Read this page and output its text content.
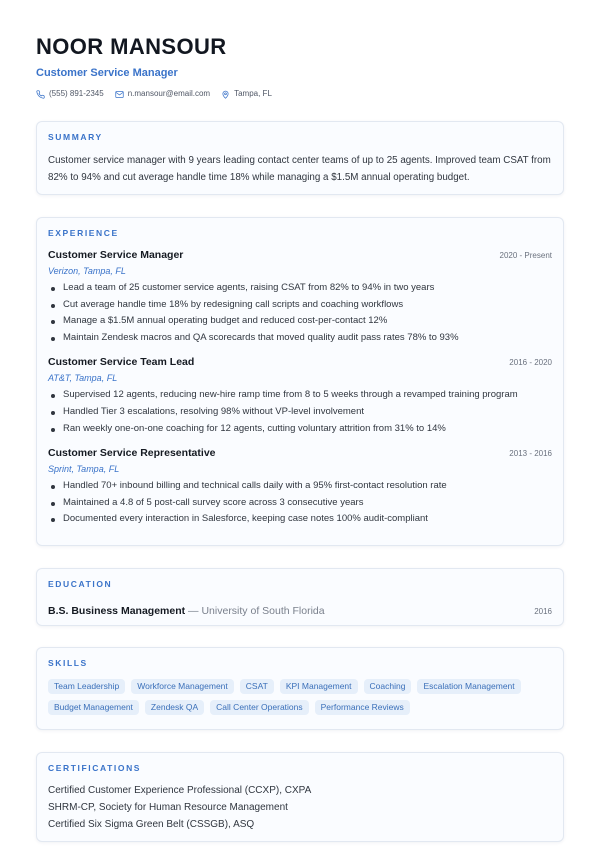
NOOR MANSOUR
Customer Service Manager
(555) 891-2345	n.mansour@email.com	Tampa, FL
SUMMARY
Customer service manager with 9 years leading contact center teams of up to 25 agents. Improved team CSAT from 82% to 94% and cut average handle time 18% while managing a $1.5M annual operating budget.
EXPERIENCE
Customer Service Manager	2020 - Present
Verizon, Tampa, FL
Lead a team of 25 customer service agents, raising CSAT from 82% to 94% in two years
Cut average handle time 18% by redesigning call scripts and coaching workflows
Manage a $1.5M annual operating budget and reduced cost-per-contact 12%
Maintain Zendesk macros and QA scorecards that moved quality audit pass rates 78% to 93%
Customer Service Team Lead	2016 - 2020
AT&T, Tampa, FL
Supervised 12 agents, reducing new-hire ramp time from 8 to 5 weeks through a revamped training program
Handled Tier 3 escalations, resolving 98% without VP-level involvement
Ran weekly one-on-one coaching for 12 agents, cutting voluntary attrition from 31% to 14%
Customer Service Representative	2013 - 2016
Sprint, Tampa, FL
Handled 70+ inbound billing and technical calls daily with a 95% first-contact resolution rate
Maintained a 4.8 of 5 post-call survey score across 3 consecutive years
Documented every interaction in Salesforce, keeping case notes 100% audit-compliant
EDUCATION
B.S. Business Management — University of South Florida	2016
SKILLS
Team Leadership	Workforce Management	CSAT	KPI Management	Coaching	Escalation Management
Budget Management	Zendesk QA	Call Center Operations	Performance Reviews
CERTIFICATIONS
Certified Customer Experience Professional (CCXP), CXPA
SHRM-CP, Society for Human Resource Management
Certified Six Sigma Green Belt (CSSGB), ASQ
